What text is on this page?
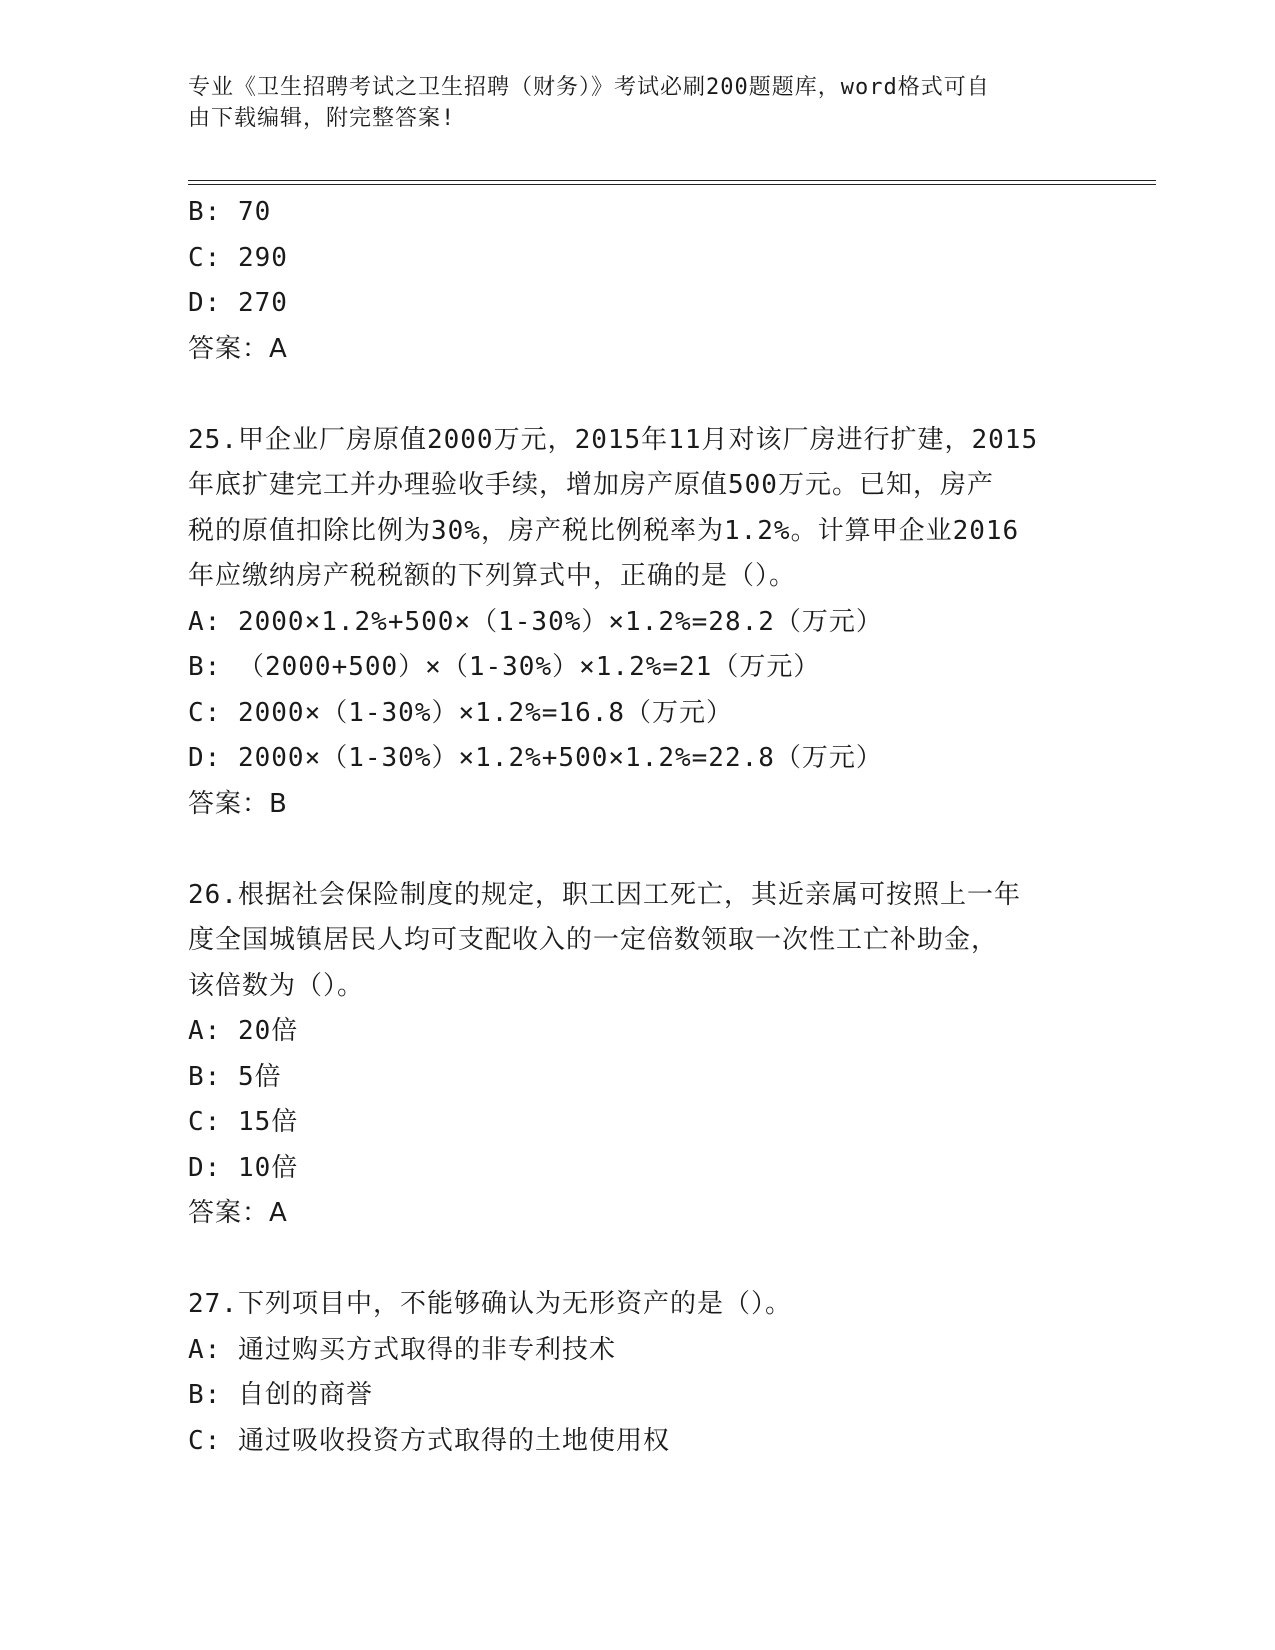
专业《卫生招聘考试之卫生招聘（财务）》考试必刷200题题库，word格式可自
由下载编辑，附完整答案!
B: 70
C: 290
D: 270
答案：A
25.甲企业厂房原值2000万元，2015年11月对该厂房进行扩建，2015
年底扩建完工并办理验收手续，增加房产原值500万元。已知，房产
税的原值扣除比例为30%，房产税比例税率为1.2%。计算甲企业2016
年应缴纳房产税税额的下列算式中，正确的是（）。
A: 2000×1.2%+500×（1-30%）×1.2%=28.2（万元）
B: （2000+500）×（1-30%）×1.2%=21（万元）
C: 2000×（1-30%）×1.2%=16.8（万元）
D: 2000×（1-30%）×1.2%+500×1.2%=22.8（万元）
答案：B
26.根据社会保险制度的规定，职工因工死亡，其近亲属可按照上一年
度全国城镇居民人均可支配收入的一定倍数领取一次性工亡补助金，
该倍数为（）。
A: 20倍
B: 5倍
C: 15倍
D: 10倍
答案：A
27.下列项目中，不能够确认为无形资产的是（）。
A: 通过购买方式取得的非专利技术
B: 自创的商誉
C: 通过吸收投资方式取得的土地使用权
